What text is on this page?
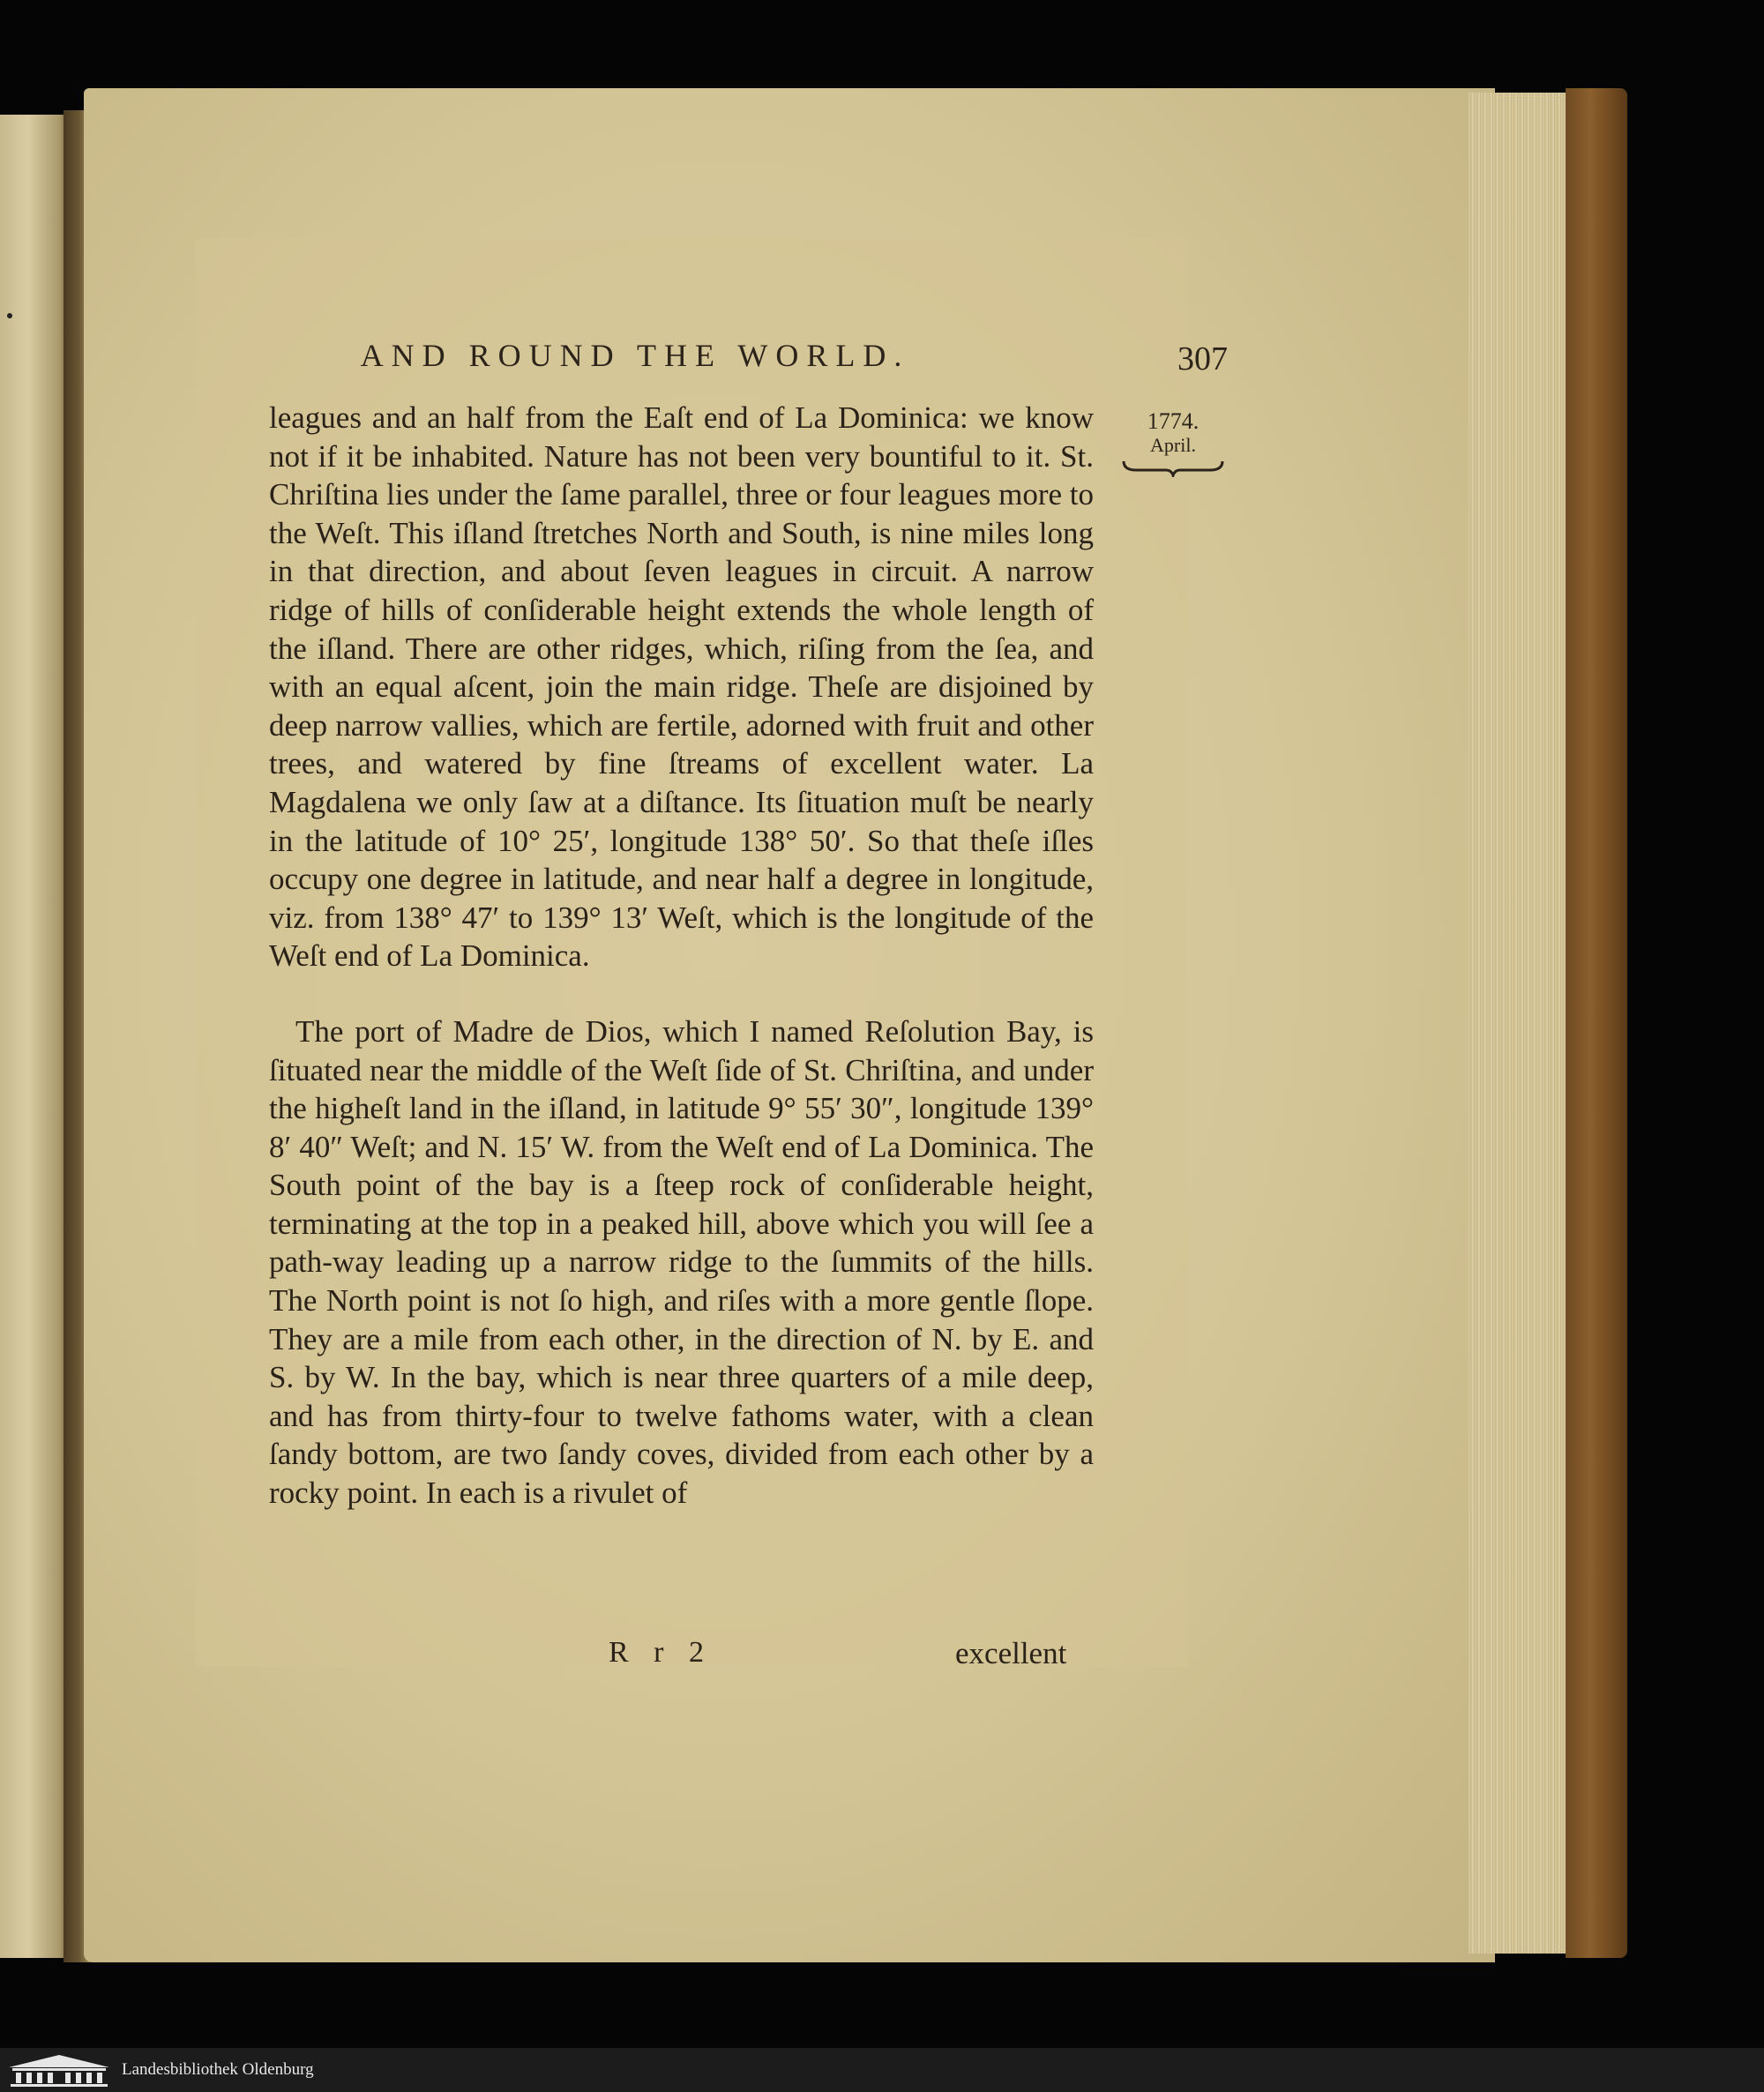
AND ROUND THE WORLD.	307
1774.
April.

leagues and an half from the Eaſt end of La Dominica: we know not if it be inhabited. Nature has not been very bountiful to it. St. Chriſtina lies under the ſame parallel, three or four leagues more to the Weſt. This iſland ſtretches North and South, is nine miles long in that direction, and about ſeven leagues in circuit. A narrow ridge of hills of conſiderable height extends the whole length of the iſland. There are other ridges, which, riſing from the ſea, and with an equal aſcent, join the main ridge. Theſe are disjoined by deep narrow vallies, which are fertile, adorned with fruit and other trees, and watered by fine ſtreams of excellent water. La Magdalena we only ſaw at a diſtance. Its ſituation muſt be nearly in the latitude of 10° 25′, longitude 138° 50′. So that theſe iſles occupy one degree in latitude, and near half a degree in longitude, viz. from 138° 47′ to 139° 13′ Weſt, which is the longitude of the Weſt end of La Dominica.

The port of Madre de Dios, which I named Reſolution Bay, is ſituated near the middle of the Weſt ſide of St. Chriſtina, and under the higheſt land in the iſland, in latitude 9° 55′ 30″, longitude 139° 8′ 40″ Weſt; and N. 15′ W. from the Weſt end of La Dominica. The South point of the bay is a ſteep rock of conſiderable height, terminating at the top in a peaked hill, above which you will ſee a path-way leading up a narrow ridge to the ſummits of the hills. The North point is not ſo high, and riſes with a more gentle ſlope. They are a mile from each other, in the direction of N. by E. and S. by W. In the bay, which is near three quarters of a mile deep, and has from thirty-four to twelve fathoms water, with a clean ſandy bottom, are two ſandy coves, divided from each other by a rocky point. In each is a rivulet of

R r 2	excellent
Landesbibliothek Oldenburg
